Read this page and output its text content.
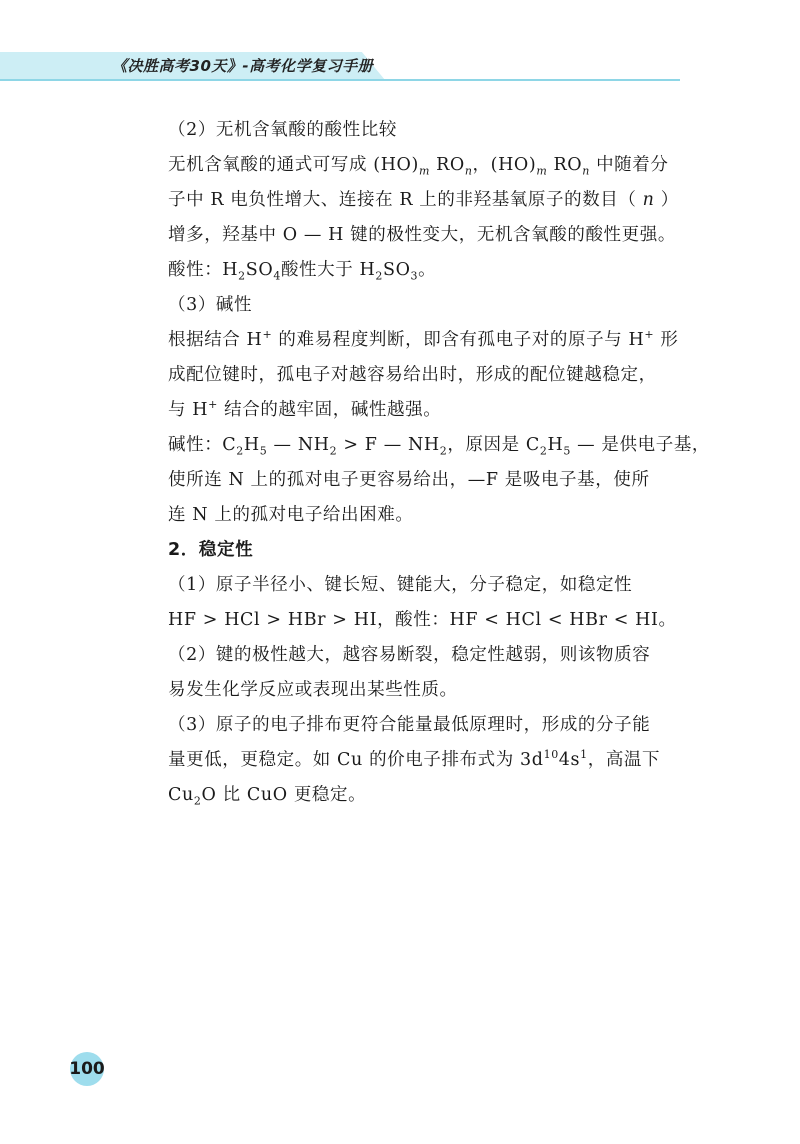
《决胜高考30天》-高考化学复习手册
（2）无机含氧酸的酸性比较
无机含氧酸的通式可写成 $(HO)_m$ $RO_n$，$(HO)_m$ $RO_n$ 中随着分
子中 R 电负性增大、连接在 R 上的非羟基氧原子的数目（ n ）
增多，羟基中 O — H 键的极性变大，无机含氧酸的酸性更强。
酸性：$H_2SO_4$酸性大于 $H_2SO_3$。
（3）碱性
根据结合 H+ 的难易程度判断，即含有孤电子对的原子与 H+ 形
成配位键时，孤电子对越容易给出时，形成的配位键越稳定，
与 H+ 结合的越牢固，碱性越强。
碱性：$C_2H_5$ — $NH_2 > F$ — $NH_2$，原因是 $C_2H_5$ — 是供电子基，
使所连 N 上的孤对电子更容易给出，—F 是吸电子基，使所
连 N 上的孤对电子给出困难。
2．稳定性
（1）原子半径小、键长短、键能大，分子稳定，如稳定性
HF > HCl > HBr > HI，酸性：HF < HCl < HBr < HI。
（2）键的极性越大，越容易断裂，稳定性越弱，则该物质容
易发生化学反应或表现出某些性质。
（3）原子的电子排布更符合能量最低原理时，形成的分子能
量更低，更稳定。如 Cu 的价电子排布式为 $3d^{10}4s^1$，高温下
$Cu_2O$ 比 CuO 更稳定。
100
